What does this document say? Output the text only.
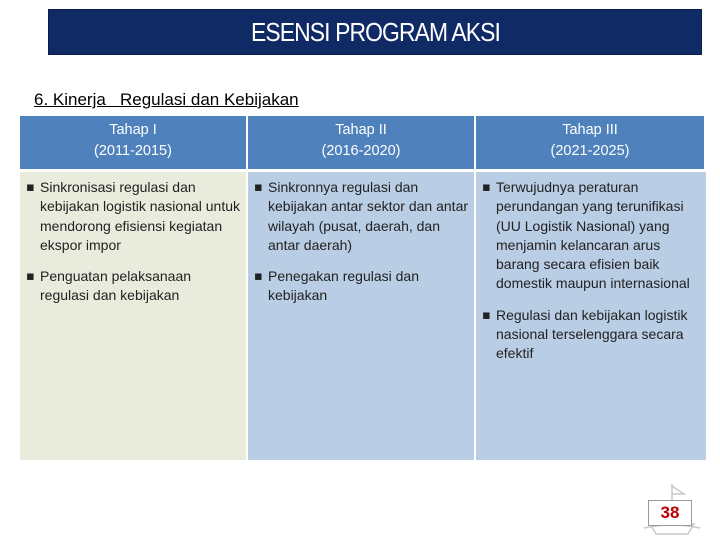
ESENSI PROGRAM AKSI
6. Kinerja   Regulasi dan Kebijakan
Tahap I
(2011-2015)
Tahap II
(2016-2020)
Tahap III
(2021-2025)
▪ Sinkronisasi regulasi dan kebijakan logistik nasional untuk mendorong efisiensi kegiatan ekspor impor
▪ Penguatan pelaksanaan regulasi dan kebijakan
▪ Sinkronnya regulasi dan kebijakan antar sektor dan antar wilayah (pusat, daerah, dan antar daerah)
▪ Penegakan regulasi dan kebijakan
▪ Terwujudnya peraturan perundangan yang terunifikasi (UU Logistik Nasional) yang menjamin kelancaran arus barang secara efisien baik domestik maupun internasional
▪ Regulasi dan kebijakan logistik nasional terselenggara secara efektif
38
